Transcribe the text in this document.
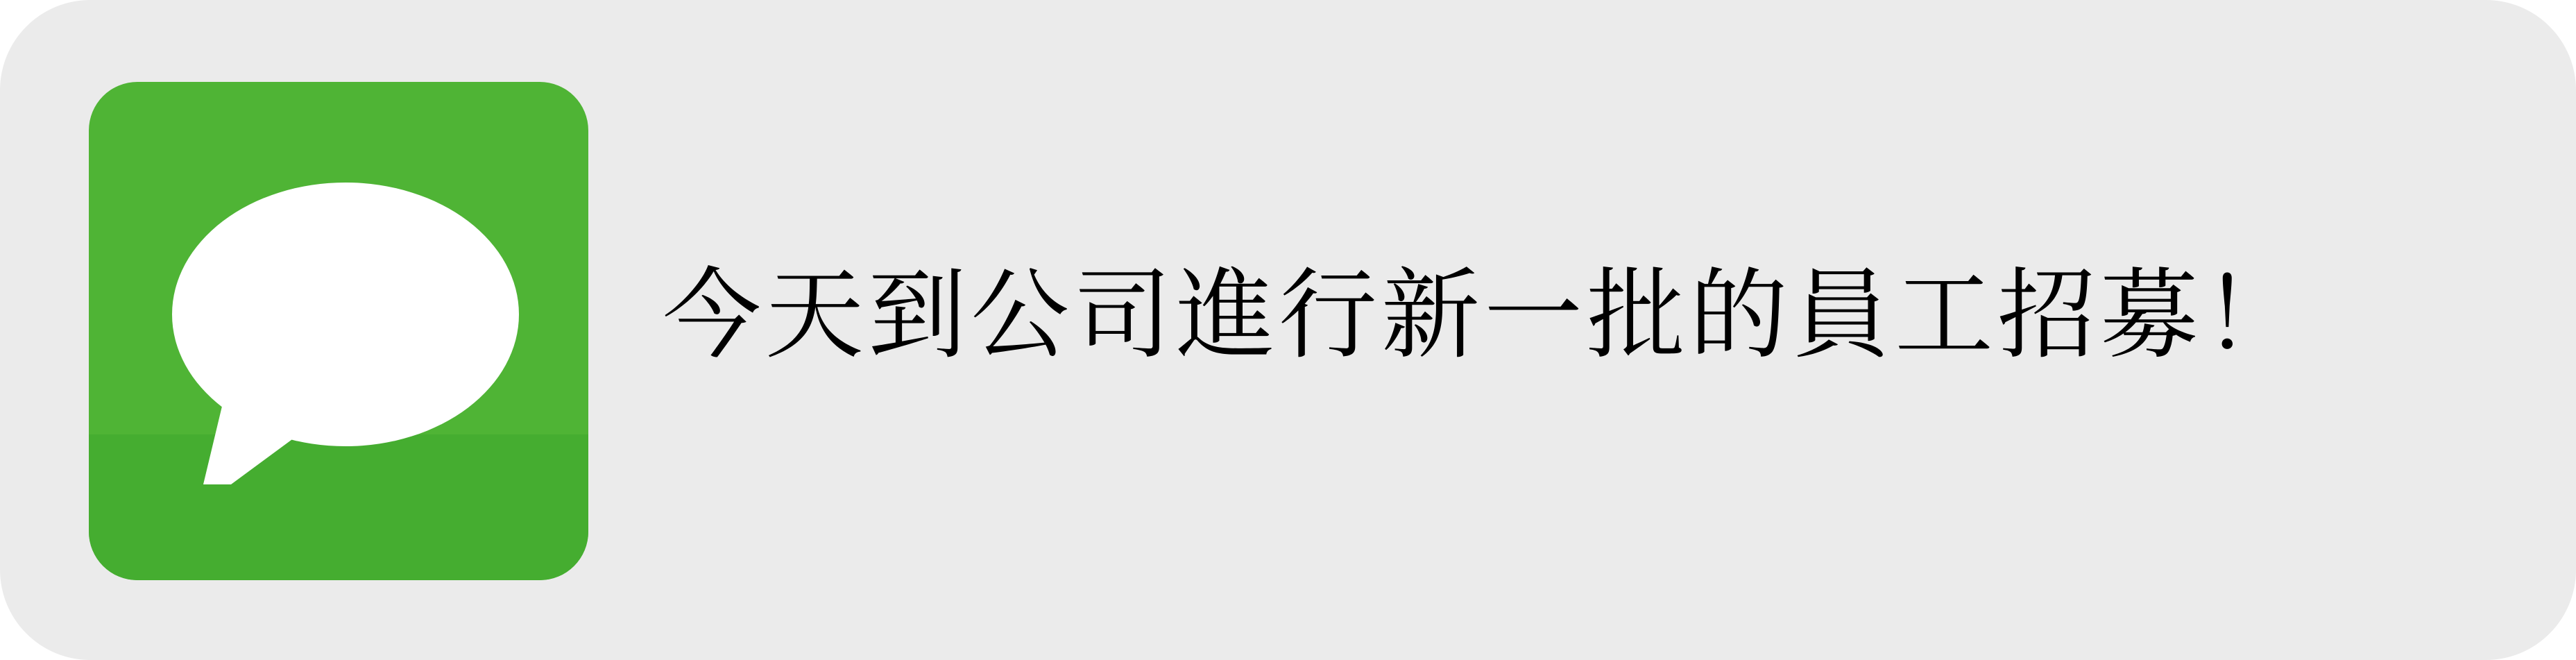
今天到公司進行新一批的員工招募！
